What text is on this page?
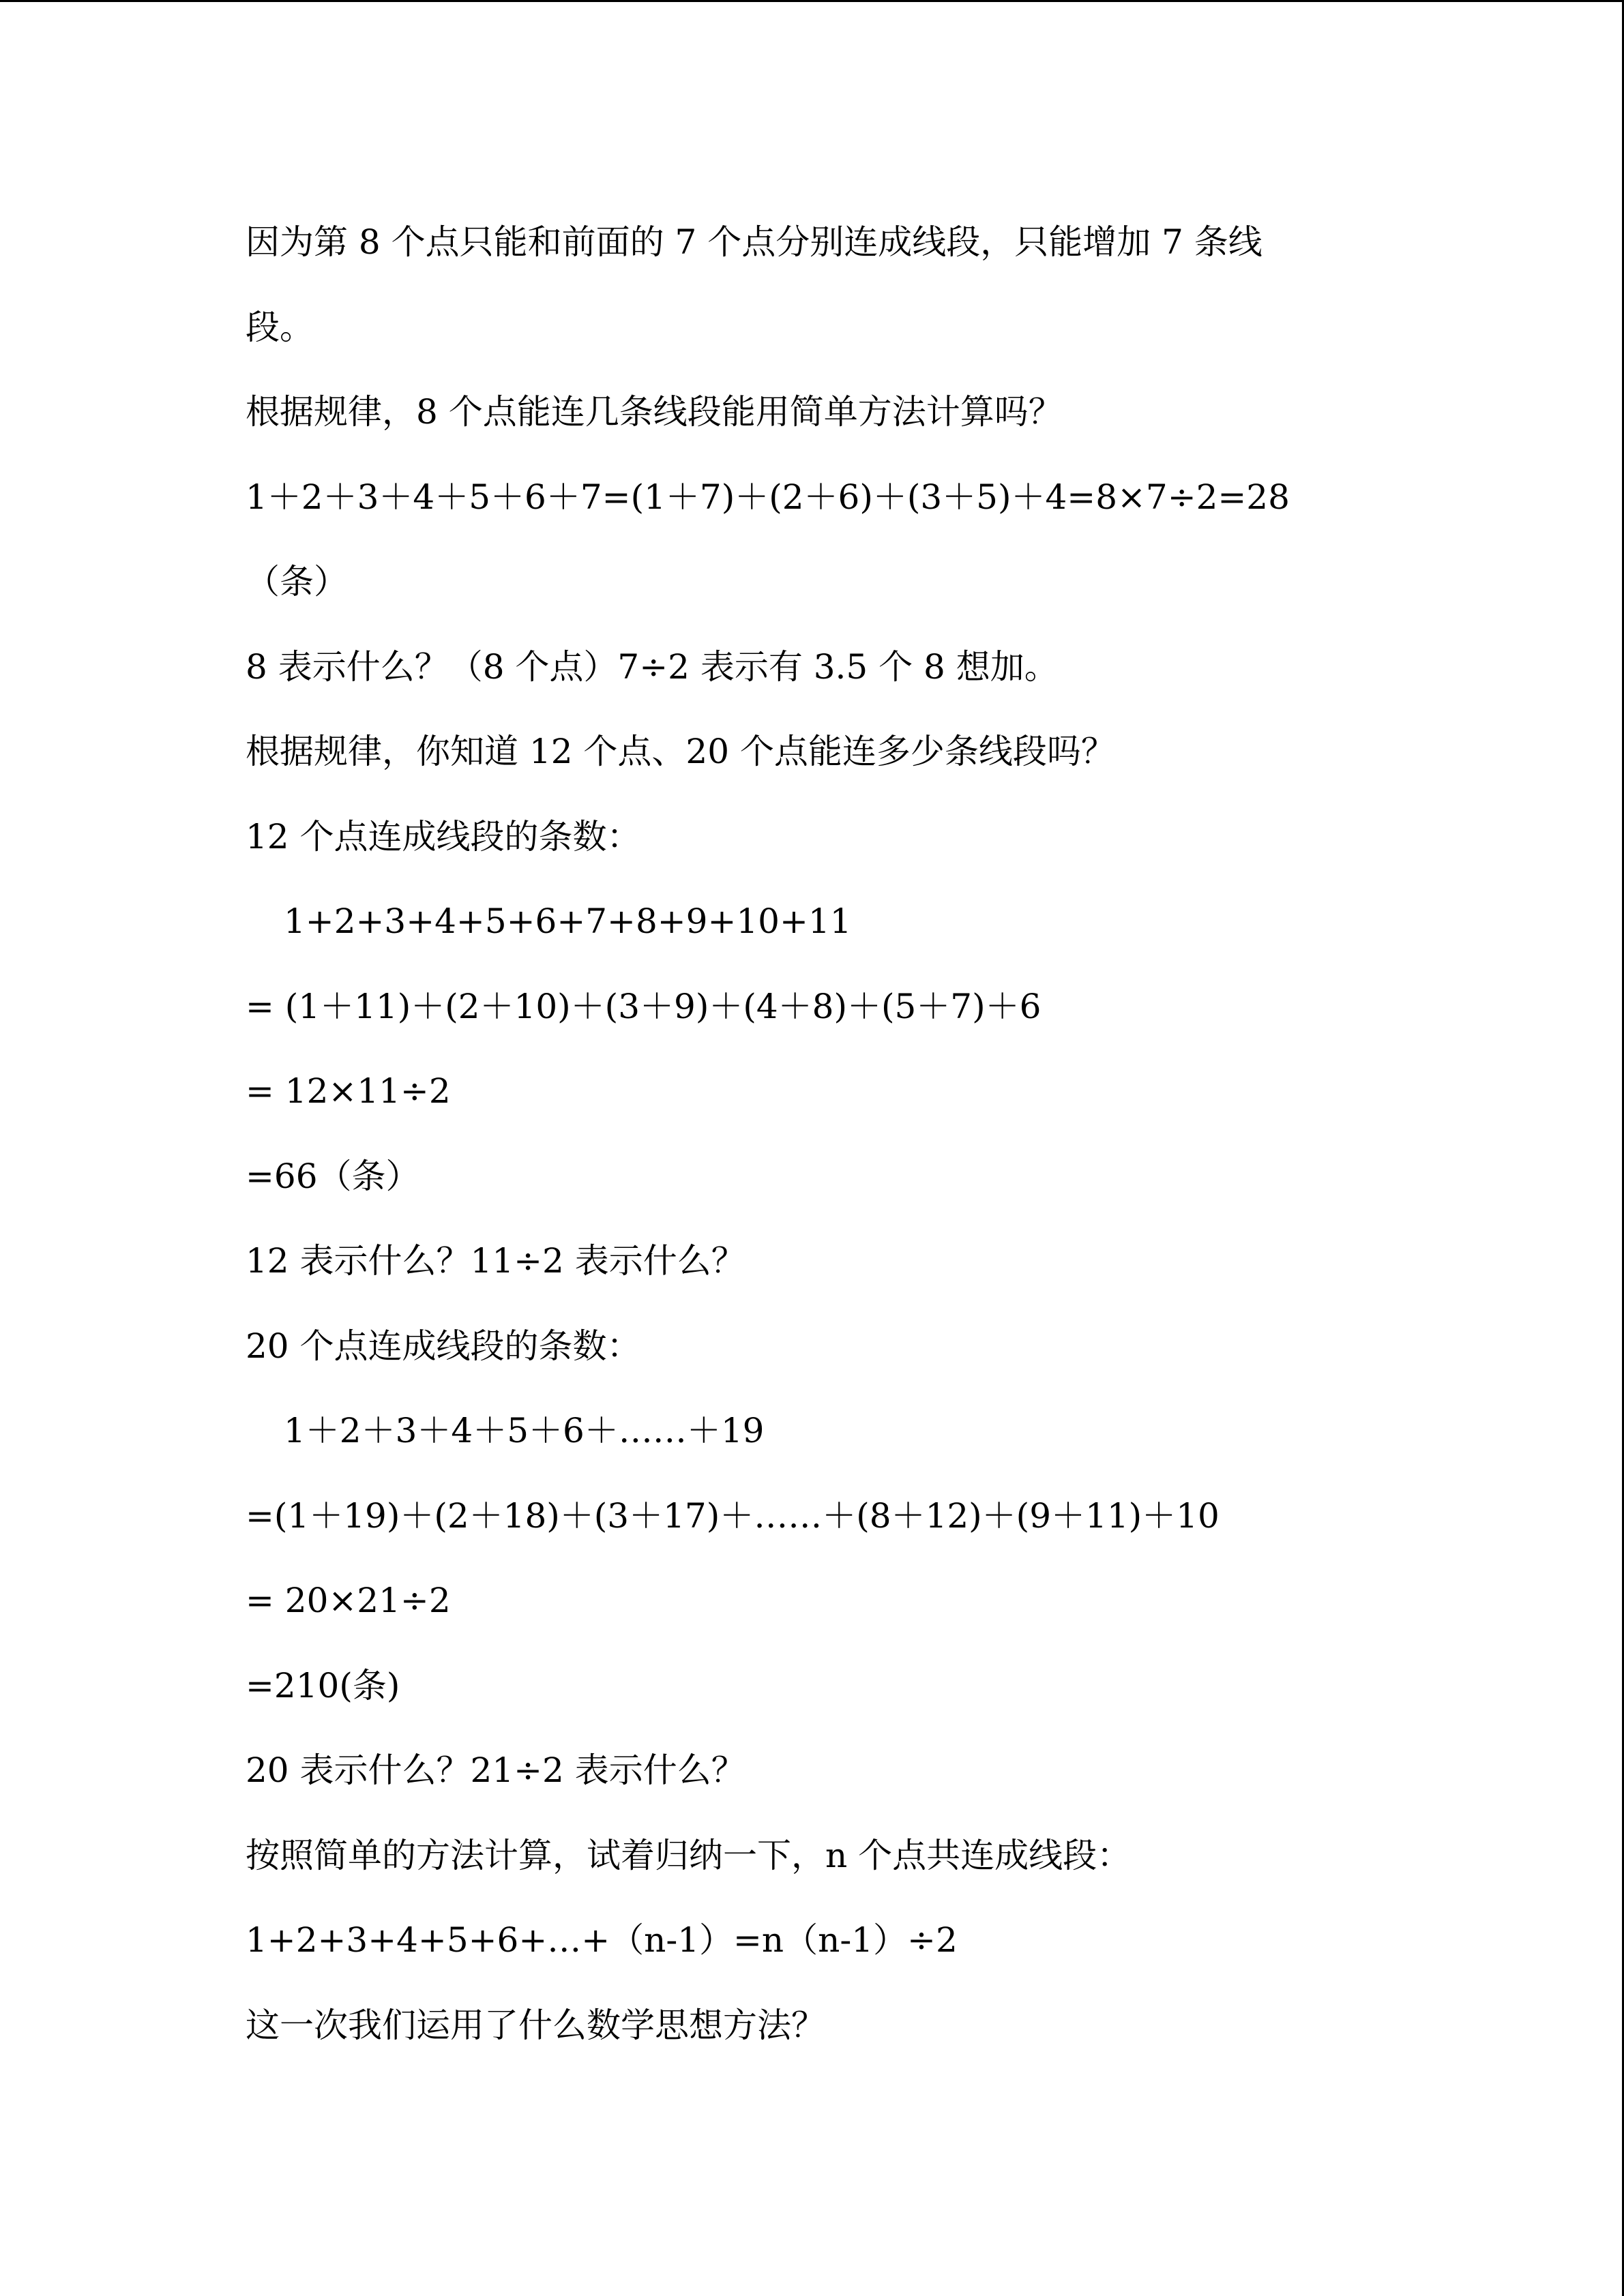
因为第 8 个点只能和前面的 7 个点分别连成线段，只能增加 7 条线
段。
根据规律，8 个点能连几条线段能用简单方法计算吗？
1＋2＋3＋4＋5＋6＋7=(1＋7)＋(2＋6)＋(3＋5)＋4=8×7÷2=28
（条）
8 表示什么？（8 个点）7÷2 表示有 3.5 个 8 想加。
根据规律，你知道 12 个点、20 个点能连多少条线段吗？
12 个点连成线段的条数：
1+2+3+4+5+6+7+8+9+10+11
= (1＋11)＋(2＋10)＋(3＋9)＋(4＋8)＋(5＋7)＋6
= 12×11÷2
=66（条）
12 表示什么？11÷2 表示什么？
20 个点连成线段的条数：
1＋2＋3＋4＋5＋6＋……＋19
=(1＋19)＋(2＋18)＋(3＋17)＋……＋(8＋12)＋(9＋11)＋10
= 20×21÷2
=210(条)
20 表示什么？21÷2 表示什么？
按照简单的方法计算，试着归纳一下，n 个点共连成线段：
1+2+3+4+5+6+…+（n-1）=n（n-1）÷2
这一次我们运用了什么数学思想方法？
